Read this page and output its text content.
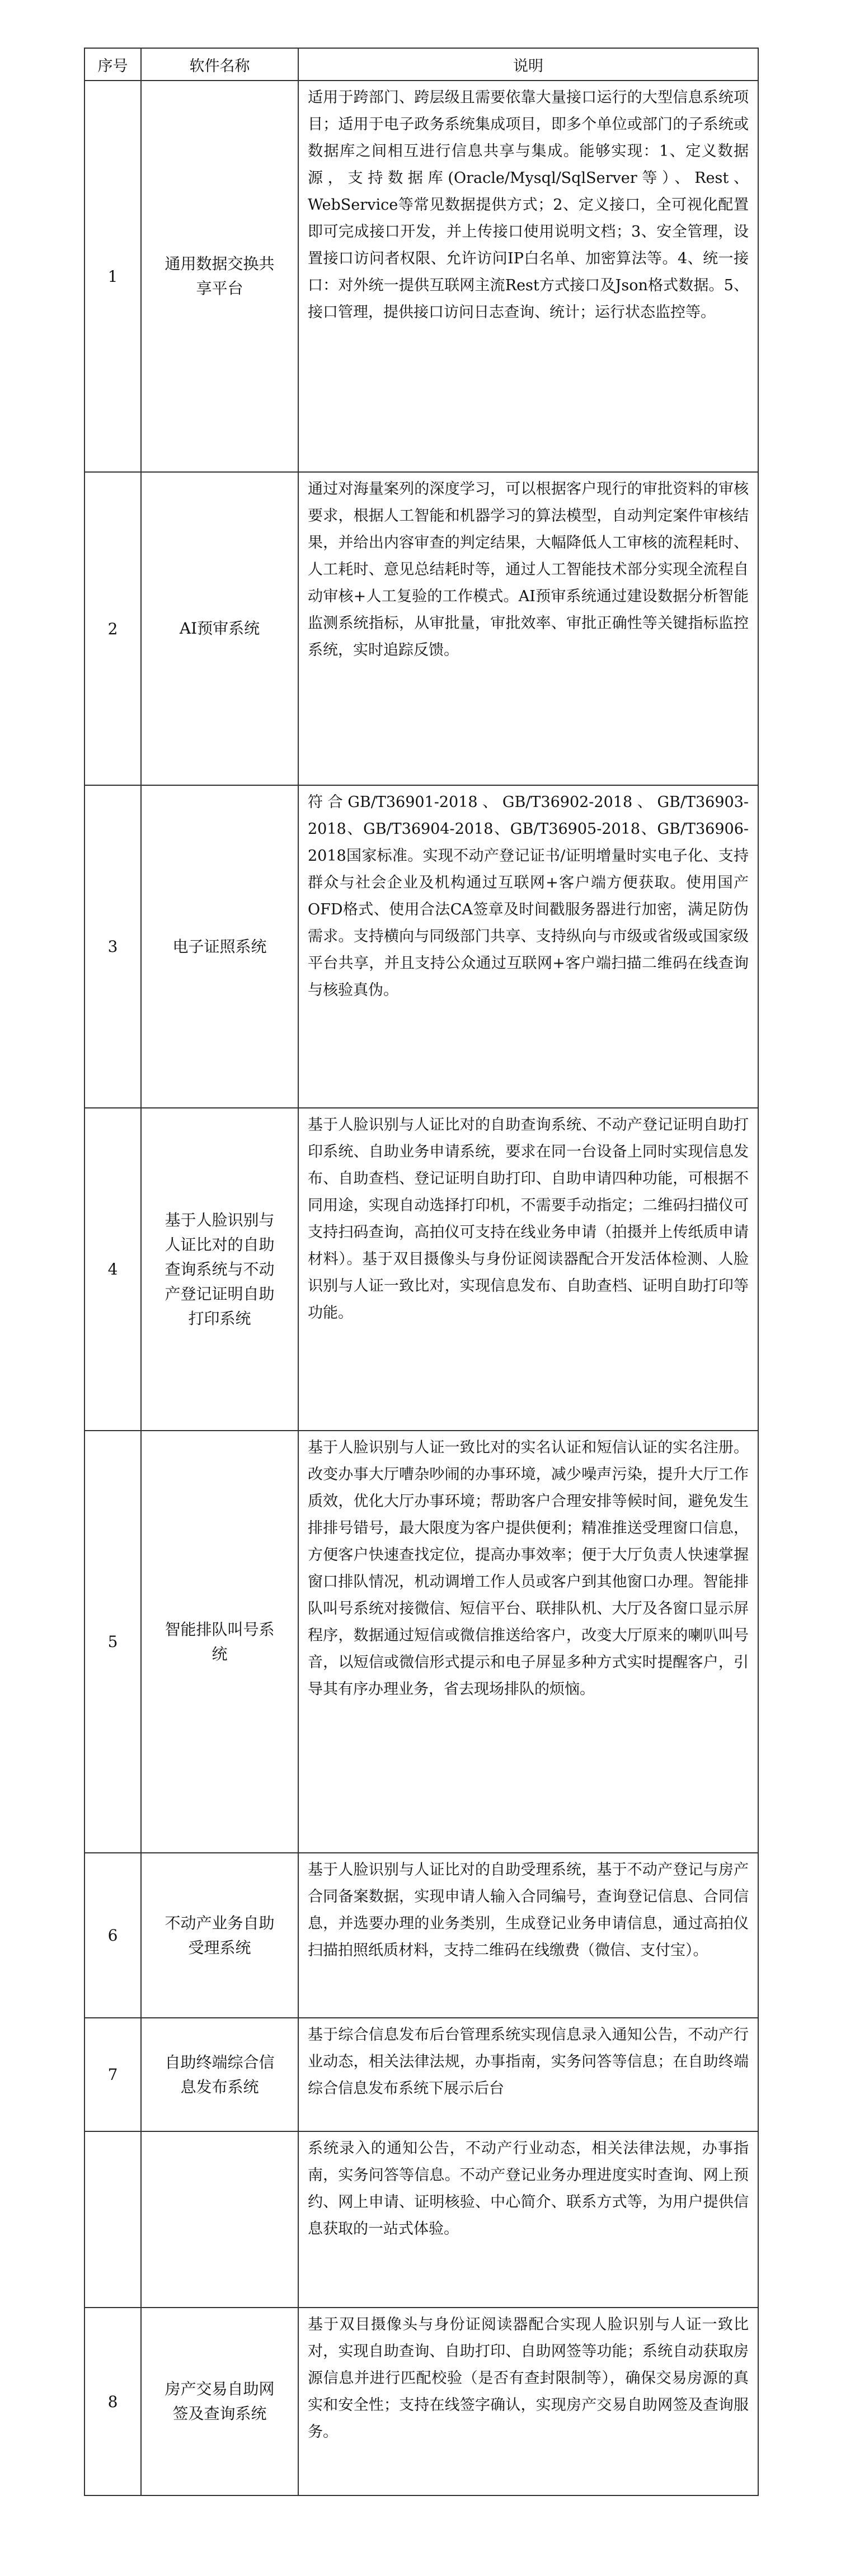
序号	软件名称	说明
1	通用数据交换共享平台	适用于跨部门、跨层级且需要依靠大量接口运行的大型信息系统项目；适用于电子政务系统集成项目，即多个单位或部门的子系统或数据库之间相互进行信息共享与集成。能够实现：1、定义数据源，支持数据库(Oracle/Mysql/SqlServer等）、Rest、WebService等常见数据提供方式；2、定义接口，全可视化配置即可完成接口开发，并上传接口使用说明文档；3、安全管理，设置接口访问者权限、允许访问IP白名单、加密算法等。4、统一接口：对外统一提供互联网主流Rest方式接口及Json格式数据。5、接口管理，提供接口访问日志查询、统计；运行状态监控等。
2	AI预审系统	通过对海量案列的深度学习，可以根据客户现行的审批资料的审核要求，根据人工智能和机器学习的算法模型，自动判定案件审核结果，并给出内容审查的判定结果，大幅降低人工审核的流程耗时、人工耗时、意见总结耗时等，通过人工智能技术部分实现全流程自动审核+人工复验的工作模式。AI预审系统通过建设数据分析智能监测系统指标，从审批量，审批效率、审批正确性等关键指标监控系统，实时追踪反馈。
3	电子证照系统	符合GB/T36901-2018、GB/T36902-2018、GB/T36903-2018、GB/T36904-2018、GB/T36905-2018、GB/T36906-2018国家标准。实现不动产登记证书/证明增量时实电子化、支持群众与社会企业及机构通过互联网+客户端方便获取。使用国产OFD格式、使用合法CA签章及时间戳服务器进行加密，满足防伪需求。支持横向与同级部门共享、支持纵向与市级或省级或国家级平台共享，并且支持公众通过互联网+客户端扫描二维码在线查询与核验真伪。
4	基于人脸识别与人证比对的自助查询系统与不动产登记证明自助打印系统	基于人脸识别与人证比对的自助查询系统、不动产登记证明自助打印系统、自助业务申请系统，要求在同一台设备上同时实现信息发布、自助查档、登记证明自助打印、自助申请四种功能，可根据不同用途，实现自动选择打印机，不需要手动指定；二维码扫描仪可支持扫码查询，高拍仪可支持在线业务申请（拍摄并上传纸质申请材料）。基于双目摄像头与身份证阅读器配合开发活体检测、人脸识别与人证一致比对，实现信息发布、自助查档、证明自助打印等功能。
5	智能排队叫号系统	基于人脸识别与人证一致比对的实名认证和短信认证的实名注册。改变办事大厅嘈杂吵闹的办事环境，减少噪声污染，提升大厅工作质效，优化大厅办事环境；帮助客户合理安排等候时间，避免发生排排号错号，最大限度为客户提供便利；精准推送受理窗口信息，方便客户快速查找定位，提高办事效率；便于大厅负责人快速掌握窗口排队情况，机动调增工作人员或客户到其他窗口办理。智能排队叫号系统对接微信、短信平台、联排队机、大厅及各窗口显示屏程序，数据通过短信或微信推送给客户，改变大厅原来的喇叭叫号音，以短信或微信形式提示和电子屏显多种方式实时提醒客户，引导其有序办理业务，省去现场排队的烦恼。
6	不动产业务自助受理系统	基于人脸识别与人证比对的自助受理系统，基于不动产登记与房产合同备案数据，实现申请人输入合同编号，查询登记信息、合同信息，并选要办理的业务类别，生成登记业务申请信息，通过高拍仪扫描拍照纸质材料，支持二维码在线缴费（微信、支付宝）。
7	自助终端综合信息发布系统	基于综合信息发布后台管理系统实现信息录入通知公告，不动产行业动态，相关法律法规，办事指南，实务问答等信息；在自助终端综合信息发布系统下展示后台
		系统录入的通知公告，不动产行业动态，相关法律法规，办事指南，实务问答等信息。不动产登记业务办理进度实时查询、网上预约、网上申请、证明核验、中心简介、联系方式等，为用户提供信息获取的一站式体验。
8	房产交易自助网签及查询系统	基于双目摄像头与身份证阅读器配合实现人脸识别与人证一致比对，实现自助查询、自助打印、自助网签等功能；系统自动获取房源信息并进行匹配校验（是否有查封限制等），确保交易房源的真实和安全性；支持在线签字确认，实现房产交易自助网签及查询服务。
